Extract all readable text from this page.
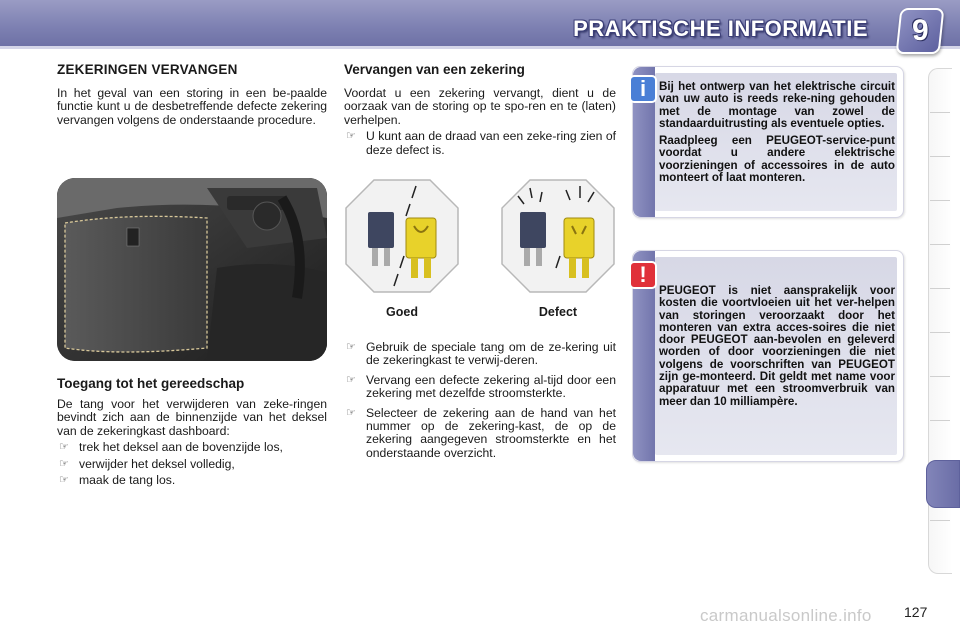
PRAKTISCHE INFORMATIE 9
ZEKERINGEN VERVANGEN
In het geval van een storing in een be-paalde functie kunt u de desbetreffende defecte zekering vervangen volgens de onderstaande procedure.
Toegang tot het gereedschap
De tang voor het verwijderen van zeke-ringen bevindt zich aan de binnenzijde van het deksel van de zekeringkast dashboard:
☞ trek het deksel aan de bovenzijde los,
☞ verwijder het deksel volledig,
☞ maak de tang los.
Vervangen van een zekering
Voordat u een zekering vervangt, dient u de oorzaak van de storing op te spo-ren en te (laten) verhelpen.
☞ U kunt aan de draad van een zeke-ring zien of deze defect is.
Goed	Defect
☞ Gebruik de speciale tang om de ze-kering uit de zekeringkast te verwij-deren.
☞ Vervang een defecte zekering al-tijd door een zekering met dezelfde stroomsterkte.
☞ Selecteer de zekering aan de hand van het nummer op de zekering-kast, de op de zekering aangegeven stroomsterkte en het onderstaande overzicht.
i	Bij het ontwerp van het elektrische circuit van uw auto is reeds reke-ning gehouden met de montage van zowel de standaarduitrusting als eventuele opties.

Raadpleeg een PEUGEOT-service-punt voordat u andere elektrische voorzieningen of accessoires in de auto monteert of laat monteren.

!

PEUGEOT is niet aansprakelijk voor kosten die voortvloeien uit het ver-helpen van storingen veroorzaakt door het monteren van extra acces-soires die niet door PEUGEOT aan-bevolen en geleverd worden of door voorzieningen die niet volgens de voorschriften van PEUGEOT zijn ge-monteerd. Dit geldt met name voor apparatuur met een stroomverbruik van meer dan 10 milliampère.

carmanualsonline.info 127
